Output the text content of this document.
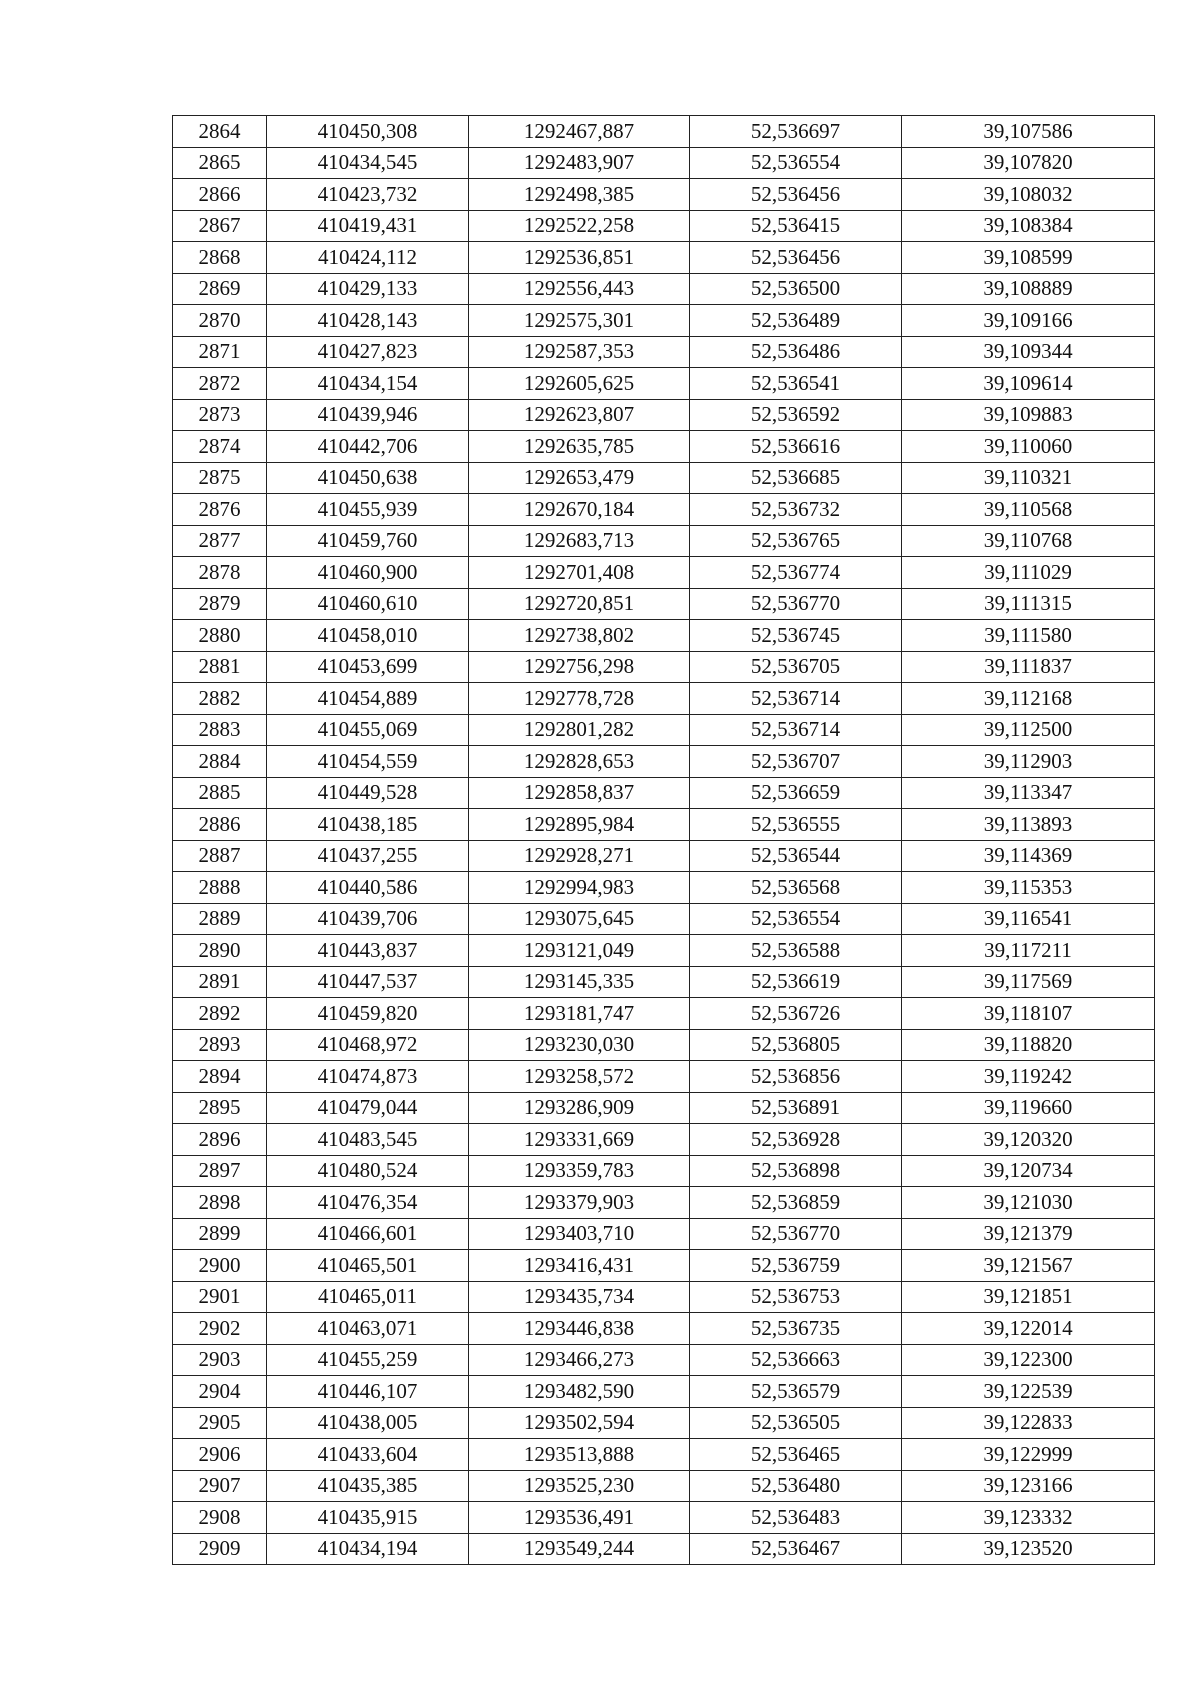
2864	410450,308	1292467,887	52,536697	39,107586
2865	410434,545	1292483,907	52,536554	39,107820
2866	410423,732	1292498,385	52,536456	39,108032
2867	410419,431	1292522,258	52,536415	39,108384
2868	410424,112	1292536,851	52,536456	39,108599
2869	410429,133	1292556,443	52,536500	39,108889
2870	410428,143	1292575,301	52,536489	39,109166
2871	410427,823	1292587,353	52,536486	39,109344
2872	410434,154	1292605,625	52,536541	39,109614
2873	410439,946	1292623,807	52,536592	39,109883
2874	410442,706	1292635,785	52,536616	39,110060
2875	410450,638	1292653,479	52,536685	39,110321
2876	410455,939	1292670,184	52,536732	39,110568
2877	410459,760	1292683,713	52,536765	39,110768
2878	410460,900	1292701,408	52,536774	39,111029
2879	410460,610	1292720,851	52,536770	39,111315
2880	410458,010	1292738,802	52,536745	39,111580
2881	410453,699	1292756,298	52,536705	39,111837
2882	410454,889	1292778,728	52,536714	39,112168
2883	410455,069	1292801,282	52,536714	39,112500
2884	410454,559	1292828,653	52,536707	39,112903
2885	410449,528	1292858,837	52,536659	39,113347
2886	410438,185	1292895,984	52,536555	39,113893
2887	410437,255	1292928,271	52,536544	39,114369
2888	410440,586	1292994,983	52,536568	39,115353
2889	410439,706	1293075,645	52,536554	39,116541
2890	410443,837	1293121,049	52,536588	39,117211
2891	410447,537	1293145,335	52,536619	39,117569
2892	410459,820	1293181,747	52,536726	39,118107
2893	410468,972	1293230,030	52,536805	39,118820
2894	410474,873	1293258,572	52,536856	39,119242
2895	410479,044	1293286,909	52,536891	39,119660
2896	410483,545	1293331,669	52,536928	39,120320
2897	410480,524	1293359,783	52,536898	39,120734
2898	410476,354	1293379,903	52,536859	39,121030
2899	410466,601	1293403,710	52,536770	39,121379
2900	410465,501	1293416,431	52,536759	39,121567
2901	410465,011	1293435,734	52,536753	39,121851
2902	410463,071	1293446,838	52,536735	39,122014
2903	410455,259	1293466,273	52,536663	39,122300
2904	410446,107	1293482,590	52,536579	39,122539
2905	410438,005	1293502,594	52,536505	39,122833
2906	410433,604	1293513,888	52,536465	39,122999
2907	410435,385	1293525,230	52,536480	39,123166
2908	410435,915	1293536,491	52,536483	39,123332
2909	410434,194	1293549,244	52,536467	39,123520
